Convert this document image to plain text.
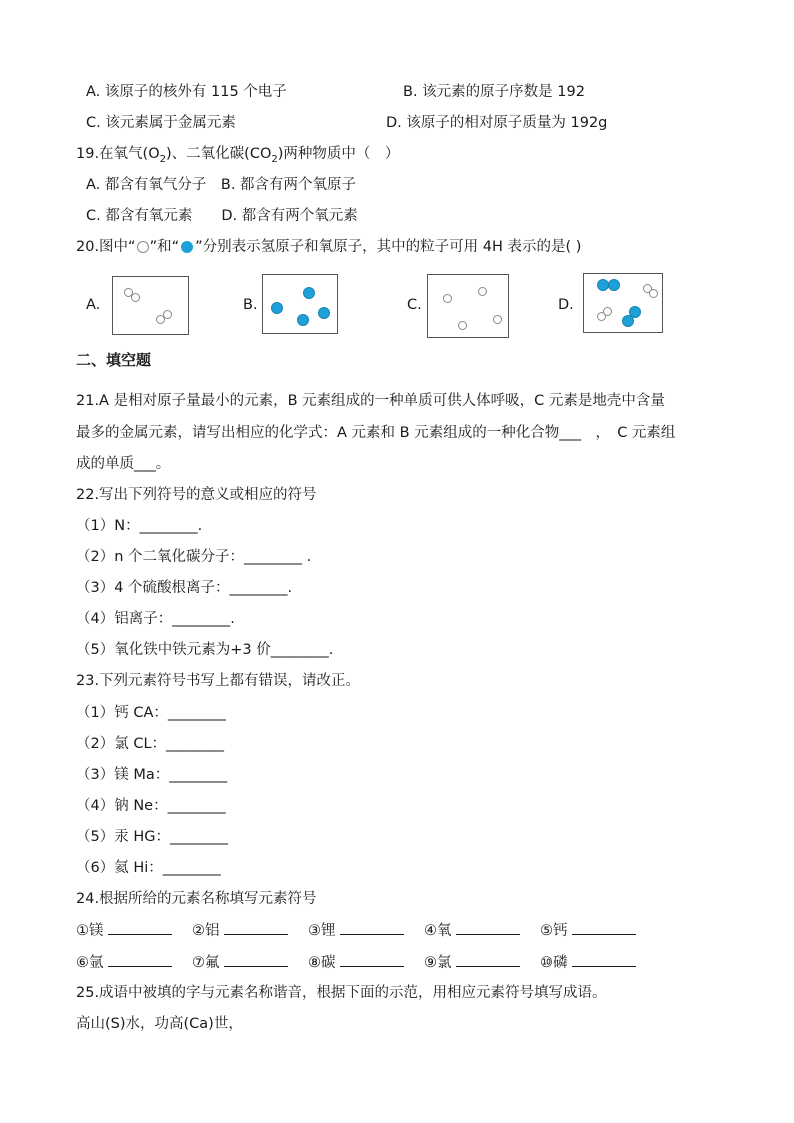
A. 该原子的核外有 115 个电子	B. 该元素的原子序数是 192
C. 该元素属于金属元素	D. 该原子的相对原子质量为 192g
19.在氧气$(O_2)$、二氧化碳$(CO_2)$两种物质中（　）
A. 都含有氧气分子　B. 都含有两个氧原子
C. 都含有氧元素　　D. 都含有两个氧元素
20.图中“ ”和“ ”分别表示氢原子和氧原子，其中的粒子可用 4H 表示的是( )
A.	B.	C.	D.
二、填空题
21.A 是相对原子量最小的元素，B 元素组成的一种单质可供人体呼吸，C 元素是地壳中含量
最多的金属元素，请写出相应的化学式：A 元素和 B 元素组成的一种化合物___　，　C 元素组
成的单质___。
22.写出下列符号的意义或相应的符号
（1）N：________.
（2）n 个二氧化碳分子：________ .
（3）4 个硫酸根离子：________.
（4）铝离子：________.
（5）氧化铁中铁元素为+3 价________.
23.下列元素符号书写上都有错误，请改正。
（1）钙 CA：________
（2）氯 CL：________
（3）镁 Ma：________
（4）钠 Ne：________
（5）汞 HG：________
（6）氦 Hi：________
24.根据所给的元素名称填写元素符号
①镁	②铝	③锂	④氧	⑤钙
⑥氩	⑦氟	⑧碳	⑨氯	⑩磷
25.成语中被填的字与元素名称谐音，根据下面的示范，用相应元素符号填写成语。
高山(S)水，功高(Ca)世，
